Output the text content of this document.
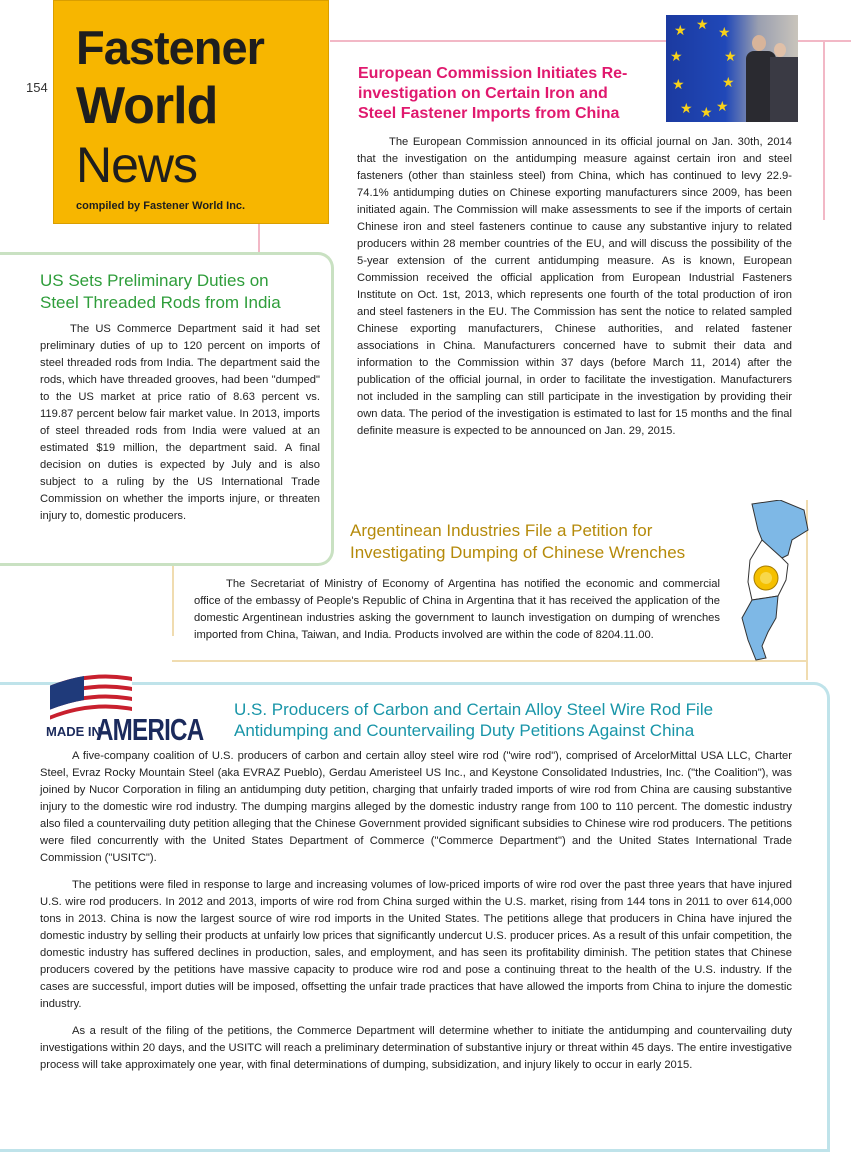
154
Fastener
World
News
compiled by Fastener World Inc.
★ ★ ★
★	★
★	★
★ ★ ★
European Commission Initiates Re-
investigation on Certain Iron and
Steel Fastener Imports from China

The European Commission announced in its official journal on Jan. 30th, 2014 that the investigation on the antidumping measure against certain iron and steel fasteners (other than stainless steel) from China, which has continued to levy 22.9-74.1% antidumping duties on Chinese exporting manufacturers since 2009, has been initiated again. The Commission will make assessments to see if the imports of certain Chinese iron and steel fasteners continue to cause any substantive injury to related producers within 28 member countries of the EU, and will discuss the possibility of the 5-year extension of the current antidumping measure. As is known, European Commission received the official application from European Industrial Fasteners Institute on Oct. 1st, 2013, which represents one fourth of the total production of iron and steel fasteners in the EU. The Commission has sent the notice to related sampled Chinese exporting manufacturers, Chinese authorities, and related fastener associations in China. Manufacturers concerned have to submit their data and information to the Commission within 37 days (before March 11, 2014) after the publication of the official journal, in order to facilitate the investigation. Manufacturers not included in the sampling can still participate in the investigation by providing their own data. The period of the investigation is estimated to last for 15 months and the final definite measure is expected to be announced on Jan. 29, 2015.

US Sets Preliminary Duties on
Steel Threaded Rods from India

The US Commerce Department said it had set preliminary duties of up to 120 percent on imports of steel threaded rods from India. The department said the rods, which have threaded grooves, had been "dumped" to the US market at price ratio of 8.63 percent vs. 119.87 percent below fair market value. In 2013, imports of steel threaded rods from India were valued at an estimated $19 million, the department said. A final decision on duties is expected by July and is also subject to a ruling by the US International Trade Commission on whether the imports injure, or threaten injury to, domestic producers.

Argentinean Industries File a Petition for
Investigating Dumping of Chinese Wrenches

The Secretariat of Ministry of Economy of Argentina has notified the economic and commercial office of the embassy of People's Republic of China in Argentina that it has received the application of the domestic Argentinean industries asking the government to launch investigation on dumping of wrenches imported from China, Taiwan, and India. Products involved are within the code of 8204.11.00.

MADE IN
AMERICA
U.S. Producers of Carbon and Certain Alloy Steel Wire Rod File
Antidumping and Countervailing Duty Petitions Against China

A five-company coalition of U.S. producers of carbon and certain alloy steel wire rod ("wire rod"), comprised of ArcelorMittal USA LLC, Charter Steel, Evraz Rocky Mountain Steel (aka EVRAZ Pueblo), Gerdau Ameristeel US Inc., and Keystone Consolidated Industries, Inc. ("the Coalition"), was joined by Nucor Corporation in filing an antidumping duty petition, charging that unfairly traded imports of wire rod from China are causing substantive injury to the domestic wire rod industry. The dumping margins alleged by the domestic industry range from 100 to 110 percent. The domestic industry also filed a countervailing duty petition alleging that the Chinese Government provided significant subsidies to Chinese wire rod producers. The petitions were filed concurrently with the United States Department of Commerce ("Commerce Department") and the United States International Trade Commission ("USITC").

The petitions were filed in response to large and increasing volumes of low-priced imports of wire rod over the past three years that have injured U.S. wire rod producers. In 2012 and 2013, imports of wire rod from China surged within the U.S. market, rising from 144 tons in 2011 to over 614,000 tons in 2013. China is now the largest source of wire rod imports in the United States. The petitions allege that producers in China have injured the domestic industry by selling their products at unfairly low prices that significantly undercut U.S. producer prices. As a result of this unfair competition, the domestic industry has suffered declines in production, sales, and employment, and has seen its profitability diminish. The petition states that Chinese producers covered by the petitions have massive capacity to produce wire rod and pose a continuing threat to the health of the U.S. industry. If the cases are successful, import duties will be imposed, offsetting the unfair trade practices that have allowed the imports from China to injure the domestic industry.

As a result of the filing of the petitions, the Commerce Department will determine whether to initiate the antidumping and countervailing duty investigations within 20 days, and the USITC will reach a preliminary determination of substantive injury or threat within 45 days. The entire investigative process will take approximately one year, with final determinations of dumping, subsidization, and injury likely to occur in early 2015.
